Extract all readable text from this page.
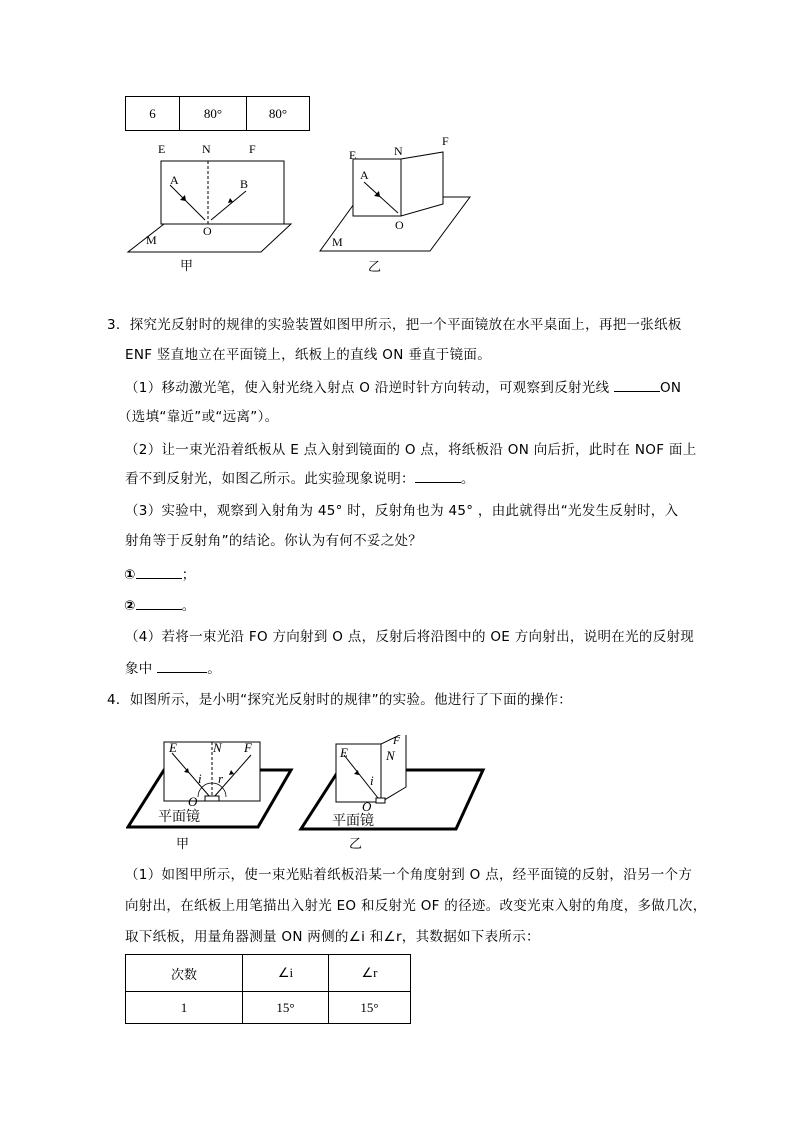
6	80°	80°
E	N	F
A	B
O
M
甲
E	N
F
A
O
M
乙
3．探究光反射时的规律的实验装置如图甲所示，把一个平面镜放在水平桌面上，再把一张纸板
ENF 竖直地立在平面镜上，纸板上的直线 ON 垂直于镜面。
（1）移动激光笔，使入射光绕入射点 O 沿逆时针方向转动，可观察到反射光线	ON
（选填“靠近”或“远离”）。
（2）让一束光沿着纸板从 E 点入射到镜面的 O 点，将纸板沿 ON 向后折，此时在 NOF 面上
看不到反射光，如图乙所示。此实验现象说明：	。
（3）实验中，观察到入射角为 45° 时，反射角也为 45° ，由此就得出“光发生反射时，入
射角等于反射角”的结论。你认为有何不妥之处？
①	；
②	。
（4）若将一束光沿 FO 方向射到 O 点，反射后将沿图中的 OE 方向射出，说明在光的反射现
象中	。
4．如图所示，是小明“探究光反射时的规律”的实验。他进行了下面的操作：
E	N F
i r
O
平面镜
甲
E	N
F
i
O
平面镜
乙
（1）如图甲所示，使一束光贴着纸板沿某一个角度射到 O 点，经平面镜的反射，沿另一个方
向射出，在纸板上用笔描出入射光 EO 和反射光 OF 的径迹。改变光束入射的角度，多做几次，
取下纸板，用量角器测量 ON 两侧的∠i 和∠r，其数据如下表所示：
次数	∠i	∠r
1	15°	15°
